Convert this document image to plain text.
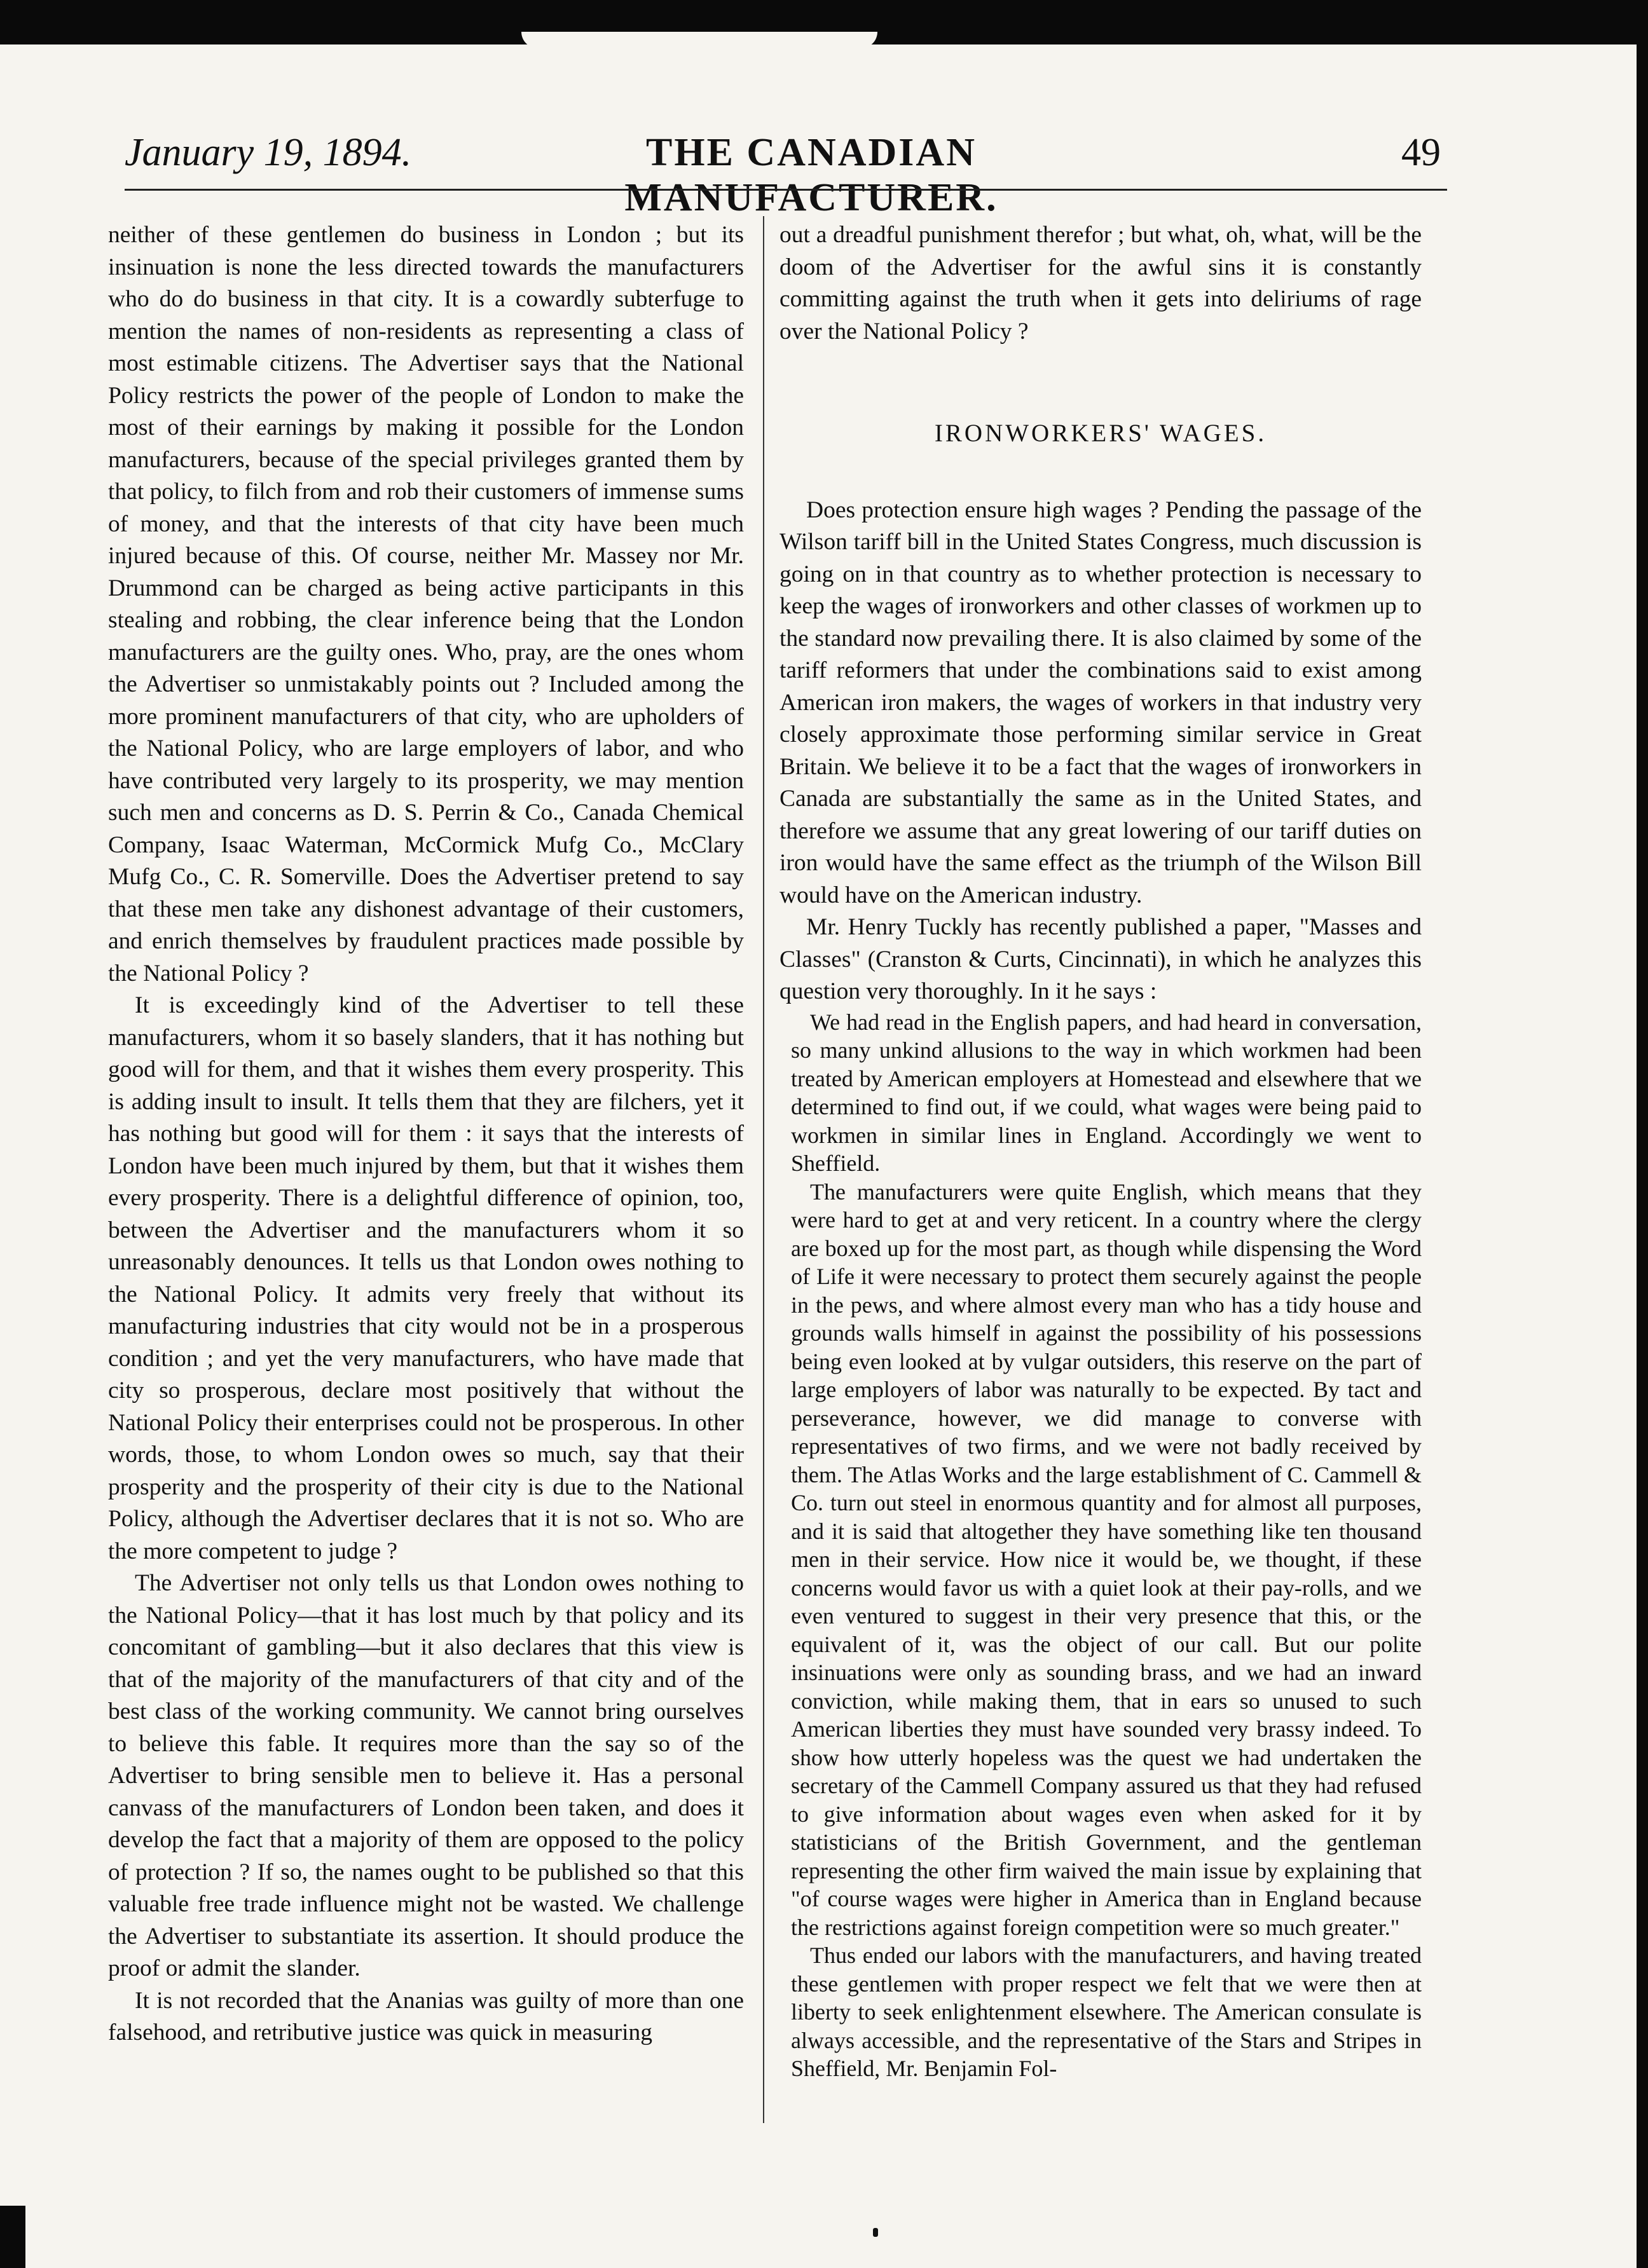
January 19, 1894.	THE CANADIAN MANUFACTURER.
49

neither of these gentlemen do business in London ; but its insinuation is none the less directed towards the manufacturers who do do business in that city. It is a cowardly subterfuge to mention the names of non-residents as representing a class of most estimable citizens. The Advertiser says that the National Policy restricts the power of the people of London to make the most of their earnings by making it possible for the London manufacturers, because of the special privileges granted them by that policy, to filch from and rob their customers of immense sums of money, and that the interests of that city have been much injured because of this. Of course, neither Mr. Massey nor Mr. Drummond can be charged as being active participants in this stealing and robbing, the clear inference being that the London manufacturers are the guilty ones. Who, pray, are the ones whom the Advertiser so unmistakably points out ? Included among the more prominent manufacturers of that city, who are upholders of the National Policy, who are large employers of labor, and who have contributed very largely to its prosperity, we may mention such men and concerns as D. S. Perrin & Co., Canada Chemical Company, Isaac Waterman, McCormick Mufg Co., McClary Mufg Co., C. R. Somerville. Does the Advertiser pretend to say that these men take any dishonest advantage of their customers, and enrich themselves by fraudulent practices made possible by the National Policy ?

It is exceedingly kind of the Advertiser to tell these manufacturers, whom it so basely slanders, that it has nothing but good will for them, and that it wishes them every prosperity. This is adding insult to insult. It tells them that they are filchers, yet it has nothing but good will for them : it says that the interests of London have been much injured by them, but that it wishes them every prosperity. There is a delightful difference of opinion, too, between the Advertiser and the manufacturers whom it so unreasonably denounces. It tells us that London owes nothing to the National Policy. It admits very freely that without its manufacturing industries that city would not be in a prosperous condition ; and yet the very manufacturers, who have made that city so prosperous, declare most positively that without the National Policy their enterprises could not be prosperous. In other words, those, to whom London owes so much, say that their prosperity and the prosperity of their city is due to the National Policy, although the Advertiser declares that it is not so. Who are the more competent to judge ?

The Advertiser not only tells us that London owes nothing to the National Policy—that it has lost much by that policy and its concomitant of gambling—but it also declares that this view is that of the majority of the manufacturers of that city and of the best class of the working community. We cannot bring ourselves to believe this fable. It requires more than the say so of the Advertiser to bring sensible men to believe it. Has a personal canvass of the manufacturers of London been taken, and does it develop the fact that a majority of them are opposed to the policy of protection ? If so, the names ought to be published so that this valuable free trade influence might not be wasted. We challenge the Advertiser to substantiate its assertion. It should produce the proof or admit the slander.

It is not recorded that the Ananias was guilty of more than one falsehood, and retributive justice was quick in measuring

out a dreadful punishment therefor ; but what, oh, what, will be the doom of the Advertiser for the awful sins it is constantly committing against the truth when it gets into deliriums of rage over the National Policy ?

IRONWORKERS' WAGES.

Does protection ensure high wages ? Pending the passage of the Wilson tariff bill in the United States Congress, much discussion is going on in that country as to whether protection is necessary to keep the wages of ironworkers and other classes of workmen up to the standard now prevailing there. It is also claimed by some of the tariff reformers that under the combinations said to exist among American iron makers, the wages of workers in that industry very closely approximate those performing similar service in Great Britain. We believe it to be a fact that the wages of ironworkers in Canada are substantially the same as in the United States, and therefore we assume that any great lowering of our tariff duties on iron would have the same effect as the triumph of the Wilson Bill would have on the American industry.

Mr. Henry Tuckly has recently published a paper, "Masses and Classes" (Cranston & Curts, Cincinnati), in which he analyzes this question very thoroughly. In it he says :

We had read in the English papers, and had heard in conversation, so many unkind allusions to the way in which workmen had been treated by American employers at Homestead and elsewhere that we determined to find out, if we could, what wages were being paid to workmen in similar lines in England. Accordingly we went to Sheffield.

The manufacturers were quite English, which means that they were hard to get at and very reticent. In a country where the clergy are boxed up for the most part, as though while dispensing the Word of Life it were necessary to protect them securely against the people in the pews, and where almost every man who has a tidy house and grounds walls himself in against the possibility of his possessions being even looked at by vulgar outsiders, this reserve on the part of large employers of labor was naturally to be expected. By tact and perseverance, however, we did manage to converse with representatives of two firms, and we were not badly received by them. The Atlas Works and the large establishment of C. Cammell & Co. turn out steel in enormous quantity and for almost all purposes, and it is said that altogether they have something like ten thousand men in their service. How nice it would be, we thought, if these concerns would favor us with a quiet look at their pay-rolls, and we even ventured to suggest in their very presence that this, or the equivalent of it, was the object of our call. But our polite insinuations were only as sounding brass, and we had an inward conviction, while making them, that in ears so unused to such American liberties they must have sounded very brassy indeed. To show how utterly hopeless was the quest we had undertaken the secretary of the Cammell Company assured us that they had refused to give information about wages even when asked for it by statisticians of the British Government, and the gentleman representing the other firm waived the main issue by explaining that "of course wages were higher in America than in England because the restrictions against foreign competition were so much greater."

Thus ended our labors with the manufacturers, and having treated these gentlemen with proper respect we felt that we were then at liberty to seek enlightenment elsewhere. The American consulate is always accessible, and the representative of the Stars and Stripes in Sheffield, Mr. Benjamin Fol-
